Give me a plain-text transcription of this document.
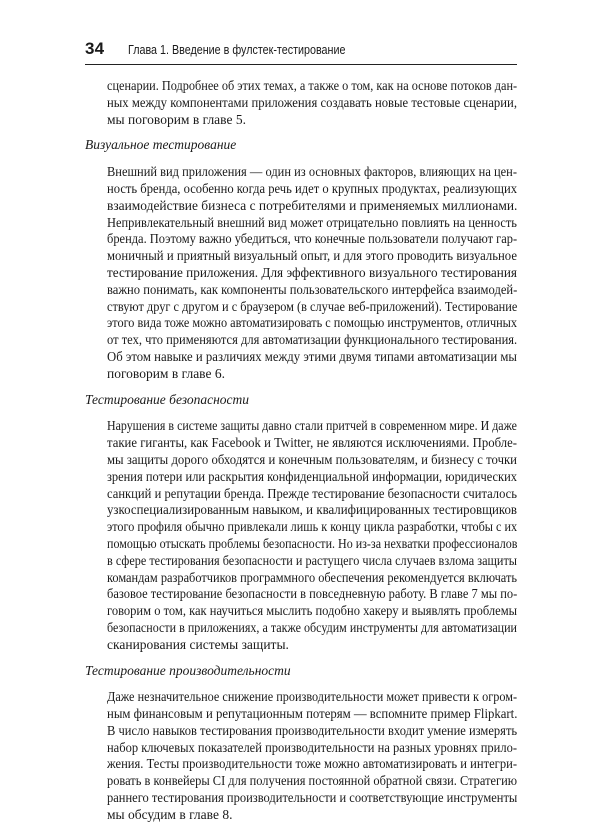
34 Глава 1. Введение в фулстек-тестирование

сценарии. Подробнее об этих темах, а также о том, как на основе потоков дан-
ных между компонентами приложения создавать новые тестовые сценарии,
мы поговорим в главе 5.

Визуальное тестирование

Внешний вид приложения — один из основных факторов, влияющих на цен-
ность бренда, особенно когда речь идет о крупных продуктах, реализующих
взаимодействие бизнеса с потребителями и применяемых миллионами.
Непривлекательный внешний вид может отрицательно повлиять на ценность
бренда. Поэтому важно убедиться, что конечные пользователи получают гар-
моничный и приятный визуальный опыт, и для этого проводить визуальное
тестирование приложения. Для эффективного визуального тестирования
важно понимать, как компоненты пользовательского интерфейса взаимодей-
ствуют друг с другом и с браузером (в случае веб-приложений). Тестирование
этого вида тоже можно автоматизировать с помощью инструментов, отличных
от тех, что применяются для автоматизации функционального тестирования.
Об этом навыке и различиях между этими двумя типами автоматизации мы
поговорим в главе 6.

Тестирование безопасности

Нарушения в системе защиты давно стали притчей в современном мире. И даже
такие гиганты, как Facebook и Twitter, не являются исключениями. Пробле-
мы защиты дорого обходятся и конечным пользователям, и бизнесу с точки
зрения потери или раскрытия конфиденциальной информации, юридических
санкций и репутации бренда. Прежде тестирование безопасности считалось
узкоспециализированным навыком, и квалифицированных тестировщиков
этого профиля обычно привлекали лишь к концу цикла разработки, чтобы с их
помощью отыскать проблемы безопасности. Но из-за нехватки профессионалов
в сфере тестирования безопасности и растущего числа случаев взлома защиты
командам разработчиков программного обеспечения рекомендуется включать
базовое тестирование безопасности в повседневную работу. В главе 7 мы по-
говорим о том, как научиться мыслить подобно хакеру и выявлять проблемы
безопасности в приложениях, а также обсудим инструменты для автоматизации
сканирования системы защиты.

Тестирование производительности

Даже незначительное снижение производительности может привести к огром-
ным финансовым и репутационным потерям — вспомните пример Flipkart.
В число навыков тестирования производительности входит умение измерять
набор ключевых показателей производительности на разных уровнях прило-
жения. Тесты производительности тоже можно автоматизировать и интегри-
ровать в конвейеры CI для получения постоянной обратной связи. Стратегию
раннего тестирования производительности и соответствующие инструменты
мы обсудим в главе 8.
